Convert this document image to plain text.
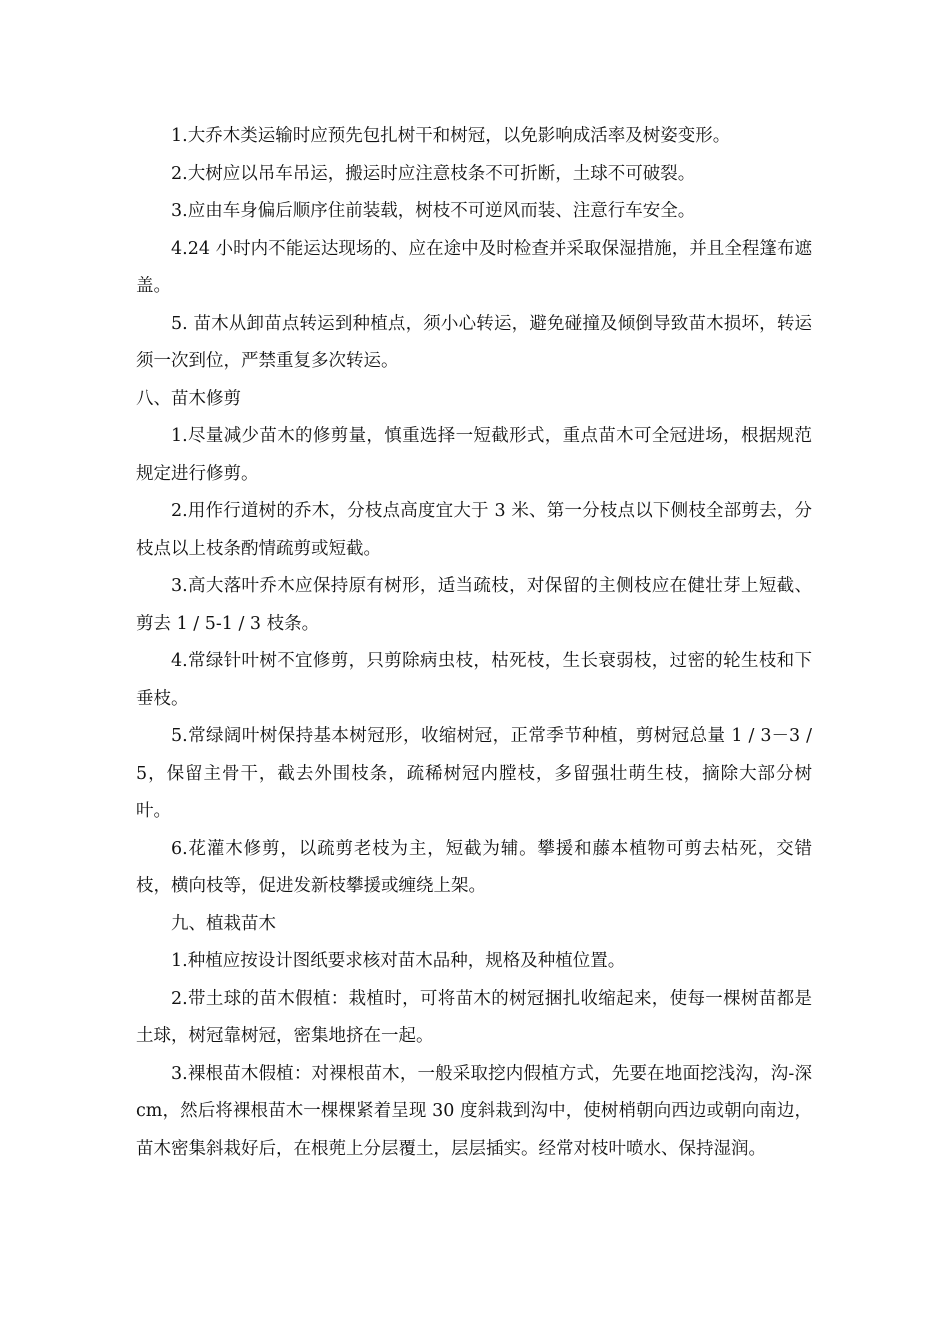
1.大乔木类运输时应预先包扎树干和树冠，以免影响成活率及树姿变形。

2.大树应以吊车吊运，搬运时应注意枝条不可折断，土球不可破裂。

3.应由车身偏后顺序住前装载，树枝不可逆风而装、注意行车安全。

4.24 小时内不能运达现场的、应在途中及时检查并采取保湿措施，并且全程篷布遮盖。

5. 苗木从卸苗点转运到种植点，须小心转运，避免碰撞及倾倒导致苗木损坏，转运须一次到位，严禁重复多次转运。

八、苗木修剪

1.尽量减少苗木的修剪量，慎重选择一短截形式，重点苗木可全冠进场，根据规范规定进行修剪。

2.用作行道树的乔木，分枝点高度宜大于 3 米、第一分枝点以下侧枝全部剪去，分枝点以上枝条酌情疏剪或短截。

3.高大落叶乔木应保持原有树形，适当疏枝，对保留的主侧枝应在健壮芽上短截、剪去 1 / 5-1 / 3 枝条。

4.常绿针叶树不宜修剪，只剪除病虫枝，枯死枝，生长衰弱枝，过密的轮生枝和下垂枝。

5.常绿阔叶树保持基本树冠形，收缩树冠，正常季节种植，剪树冠总量 1 / 3－3 / 5，保留主骨干，截去外围枝条，疏稀树冠内膛枝，多留强壮萌生枝，摘除大部分树叶。

6.花灌木修剪，以疏剪老枝为主，短截为辅。攀援和藤本植物可剪去枯死，交错枝，横向枝等，促进发新枝攀援或缠绕上架。

九、植栽苗木

1.种植应按设计图纸要求核对苗木品种，规格及种植位置。

2.带土球的苗木假植：栽植时，可将苗木的树冠捆扎收缩起来，使每一棵树苗都是土球，树冠靠树冠，密集地挤在一起。

3.裸根苗木假植：对裸根苗木，一般采取挖内假植方式，先要在地面挖浅沟，沟-深 cm，然后将裸根苗木一棵棵紧着呈现 30 度斜栽到沟中，使树梢朝向西边或朝向南边，苗木密集斜栽好后，在根蔸上分层覆土，层层插实。经常对枝叶喷水、保持湿润。
